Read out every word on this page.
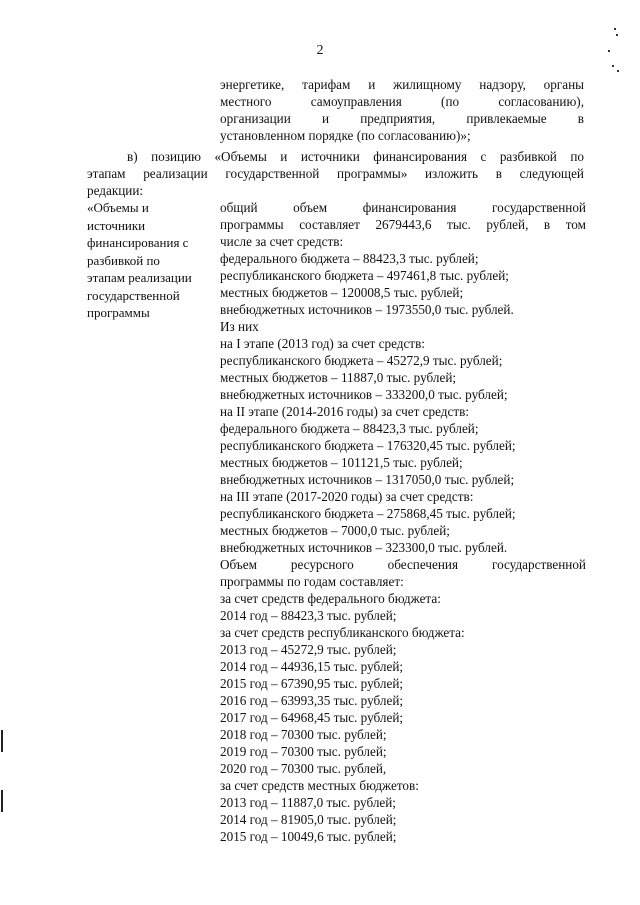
2
энергетике, тарифам и жилищному надзору, органы
местного самоуправления (по согласованию),
организации и предприятия, привлекаемые в
установленном порядке (по согласованию)»;
в) позицию «Объемы и источники финансирования с разбивкой по
этапам реализации государственной программы» изложить в следующей
редакции:
«Объемы и
источники
финансирования с
разбивкой по
этапам реализации
государственной
программы
общий объем финансирования государственной
программы составляет 2679443,6 тыс. рублей, в том
числе за счет средств:
федерального бюджета – 88423,3 тыс. рублей;
республиканского бюджета – 497461,8 тыс. рублей;
местных бюджетов – 120008,5 тыс. рублей;
внебюджетных источников – 1973550,0 тыс. рублей.
Из них
на I этапе (2013 год) за счет средств:
республиканского бюджета – 45272,9 тыс. рублей;
местных бюджетов – 11887,0 тыс. рублей;
внебюджетных источников – 333200,0 тыс. рублей;
на II этапе (2014-2016 годы) за счет средств:
федерального бюджета – 88423,3 тыс. рублей;
республиканского бюджета – 176320,45 тыс. рублей;
местных бюджетов – 101121,5 тыс. рублей;
внебюджетных источников – 1317050,0 тыс. рублей;
на III этапе (2017-2020 годы) за счет средств:
республиканского бюджета – 275868,45 тыс. рублей;
местных бюджетов – 7000,0 тыс. рублей;
внебюджетных источников – 323300,0 тыс. рублей.
Объем ресурсного обеспечения государственной
программы по годам составляет:
за счет средств федерального бюджета:
2014 год – 88423,3 тыс. рублей;
за счет средств республиканского бюджета:
2013 год – 45272,9 тыс. рублей;
2014 год – 44936,15 тыс. рублей;
2015 год – 67390,95 тыс. рублей;
2016 год – 63993,35 тыс. рублей;
2017 год – 64968,45 тыс. рублей;
2018 год – 70300 тыс. рублей;
2019 год – 70300 тыс. рублей;
2020 год – 70300 тыс. рублей,
за счет средств местных бюджетов:
2013 год – 11887,0 тыс. рублей;
2014 год – 81905,0 тыс. рублей;
2015 год – 10049,6 тыс. рублей;
